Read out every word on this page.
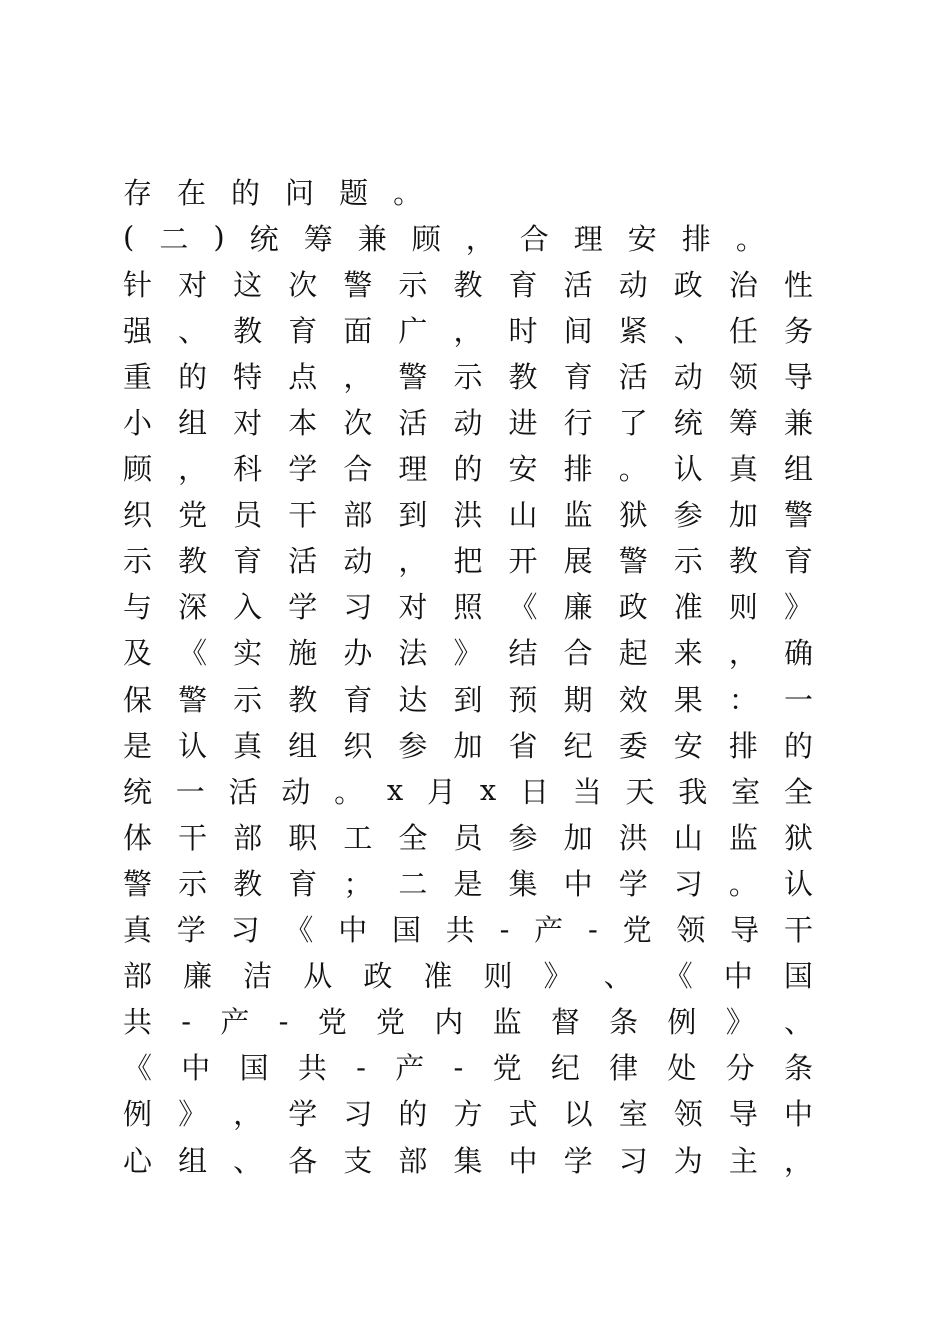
存 在 的 问 题 。
( 二 ) 统 筹 兼 顾 ， 合 理 安 排 。
针 对 这 次 警 示 教 育 活 动 政 治 性
强 、 教 育 面 广 ， 时 间 紧 、 任 务
重 的 特 点 ， 警 示 教 育 活 动 领 导
小 组 对 本 次 活 动 进 行 了 统 筹 兼
顾 ， 科 学 合 理 的 安 排 。 认 真 组
织 党 员 干 部 到 洪 山 监 狱 参 加 警
示 教 育 活 动 ， 把 开 展 警 示 教 育
与 深 入 学 习 对 照 《 廉 政 准 则 》
及 《 实 施 办 法 》 结 合 起 来 ， 确
保 警 示 教 育 达 到 预 期 效 果 ： 一
是 认 真 组 织 参 加 省 纪 委 安 排 的
统 一 活 动 。 x 月 x 日 当 天 我 室 全
体 干 部 职 工 全 员 参 加 洪 山 监 狱
警 示 教 育 ； 二 是 集 中 学 习 。 认
真 学 习 《 中 国 共 - 产 - 党 领 导 干
部 廉 洁 从 政 准 则 》 、 《 中 国
共 - 产 - 党 党 内 监 督 条 例 》 、
《 中 国 共 - 产 - 党 纪 律 处 分 条
例 》 ， 学 习 的 方 式 以 室 领 导 中
心 组 、 各 支 部 集 中 学 习 为 主 ，
